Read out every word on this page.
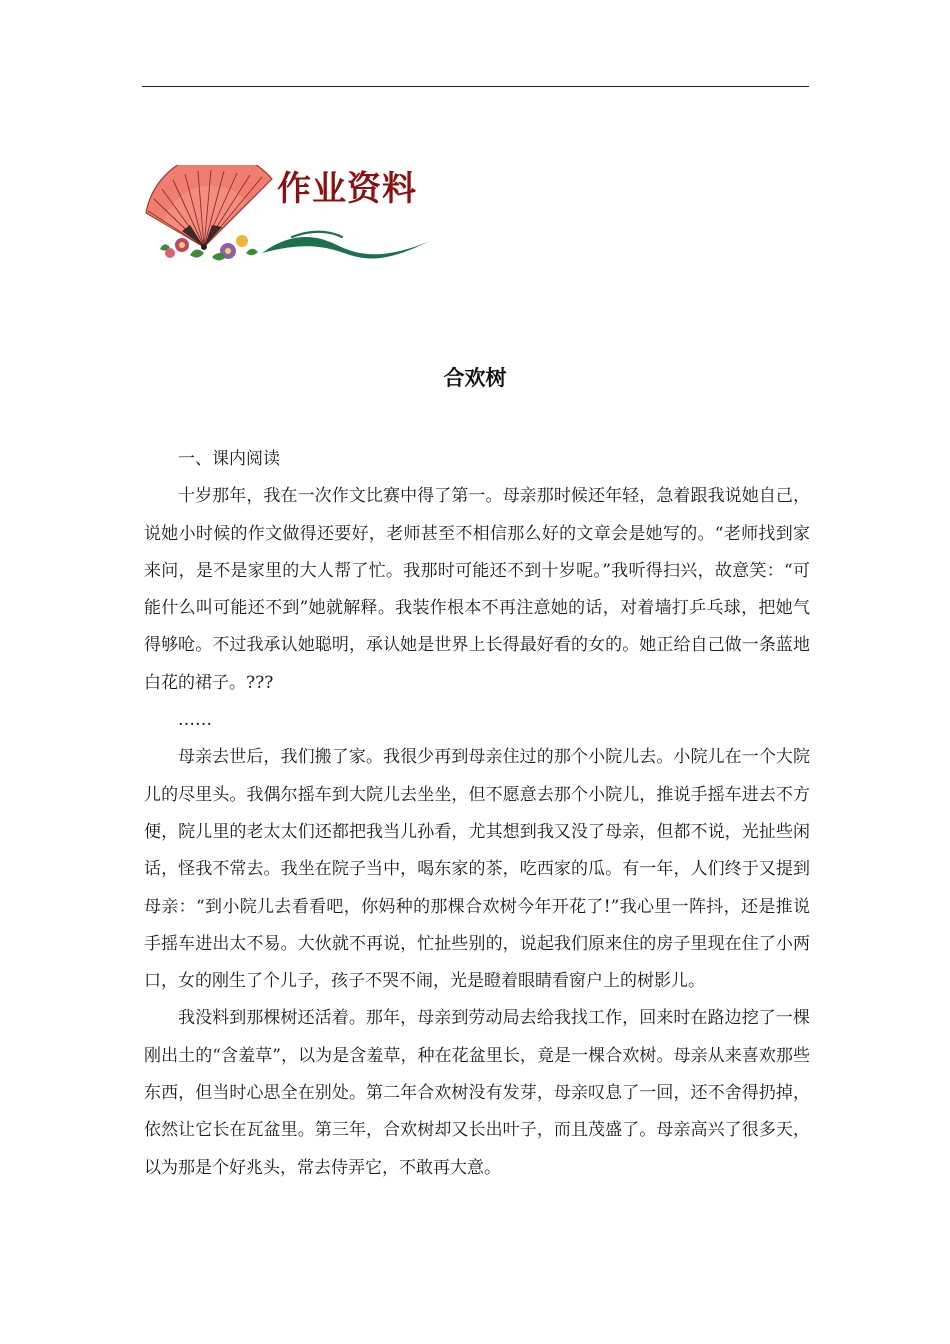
作业资料
合欢树

一、课内阅读

十岁那年，我在一次作文比赛中得了第一。母亲那时候还年轻，急着跟我说她自己，说她小时候的作文做得还要好，老师甚至不相信那么好的文章会是她写的。“老师找到家来问，是不是家里的大人帮了忙。我那时可能还不到十岁呢。”我听得扫兴，故意笑：“可能什么叫可能还不到”她就解释。我装作根本不再注意她的话，对着墙打乒乓球，把她气得够呛。不过我承认她聪明，承认她是世界上长得最好看的女的。她正给自己做一条蓝地白花的裙子。???

……

母亲去世后，我们搬了家。我很少再到母亲住过的那个小院儿去。小院儿在一个大院儿的尽里头。我偶尔摇车到大院儿去坐坐，但不愿意去那个小院儿，推说手摇车进去不方便，院儿里的老太太们还都把我当儿孙看，尤其想到我又没了母亲，但都不说，光扯些闲话，怪我不常去。我坐在院子当中，喝东家的茶，吃西家的瓜。有一年，人们终于又提到母亲：“到小院儿去看看吧，你妈种的那棵合欢树今年开花了!”我心里一阵抖，还是推说手摇车进出太不易。大伙就不再说，忙扯些别的，说起我们原来住的房子里现在住了小两口，女的刚生了个儿子，孩子不哭不闹，光是瞪着眼睛看窗户上的树影儿。

我没料到那棵树还活着。那年，母亲到劳动局去给我找工作，回来时在路边挖了一棵刚出土的“含羞草”，以为是含羞草，种在花盆里长，竟是一棵合欢树。母亲从来喜欢那些东西，但当时心思全在别处。第二年合欢树没有发芽，母亲叹息了一回，还不舍得扔掉，依然让它长在瓦盆里。第三年，合欢树却又长出叶子，而且茂盛了。母亲高兴了很多天，以为那是个好兆头，常去侍弄它，不敢再大意。
